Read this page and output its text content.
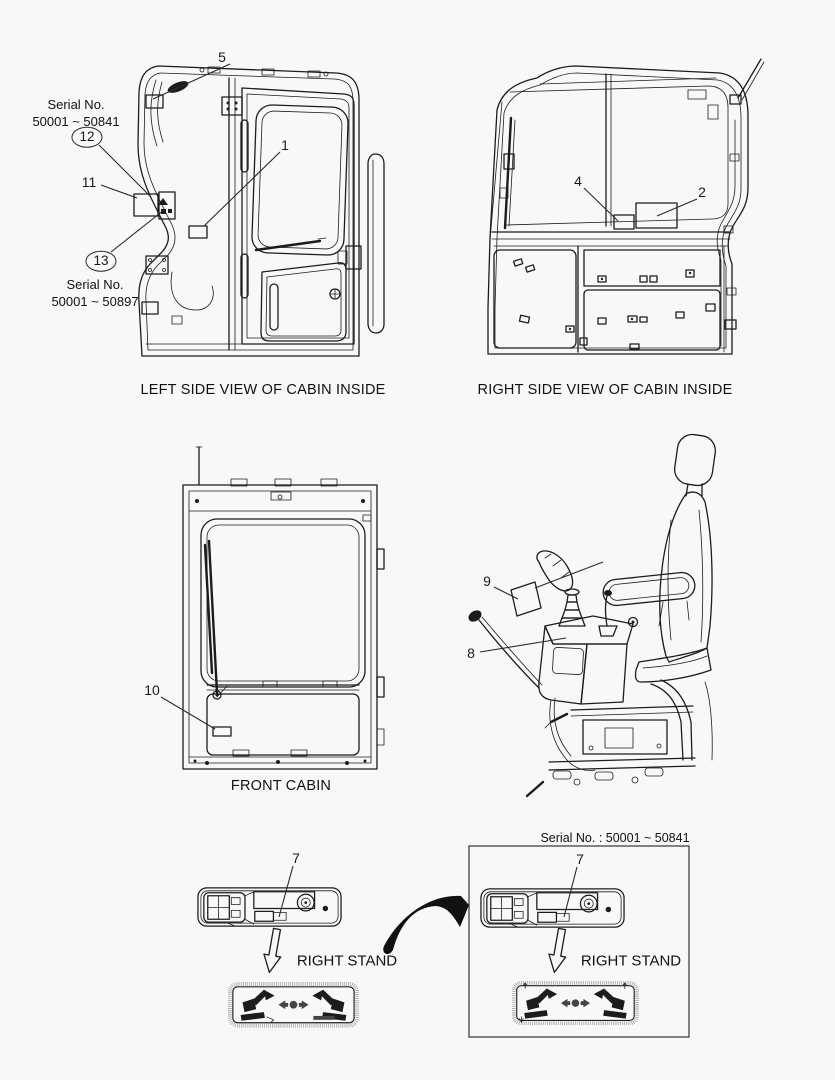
5
12
11
13
1
4
2
10
9
8
7	7
Serial No.
50001 ~ 50841
Serial No.
50001 ~ 50897
LEFT SIDE VIEW OF CABIN INSIDE	RIGHT SIDE VIEW OF CABIN INSIDE
FRONT CABIN
RIGHT STAND	RIGHT STAND
Serial No. : 50001 ~ 50841
